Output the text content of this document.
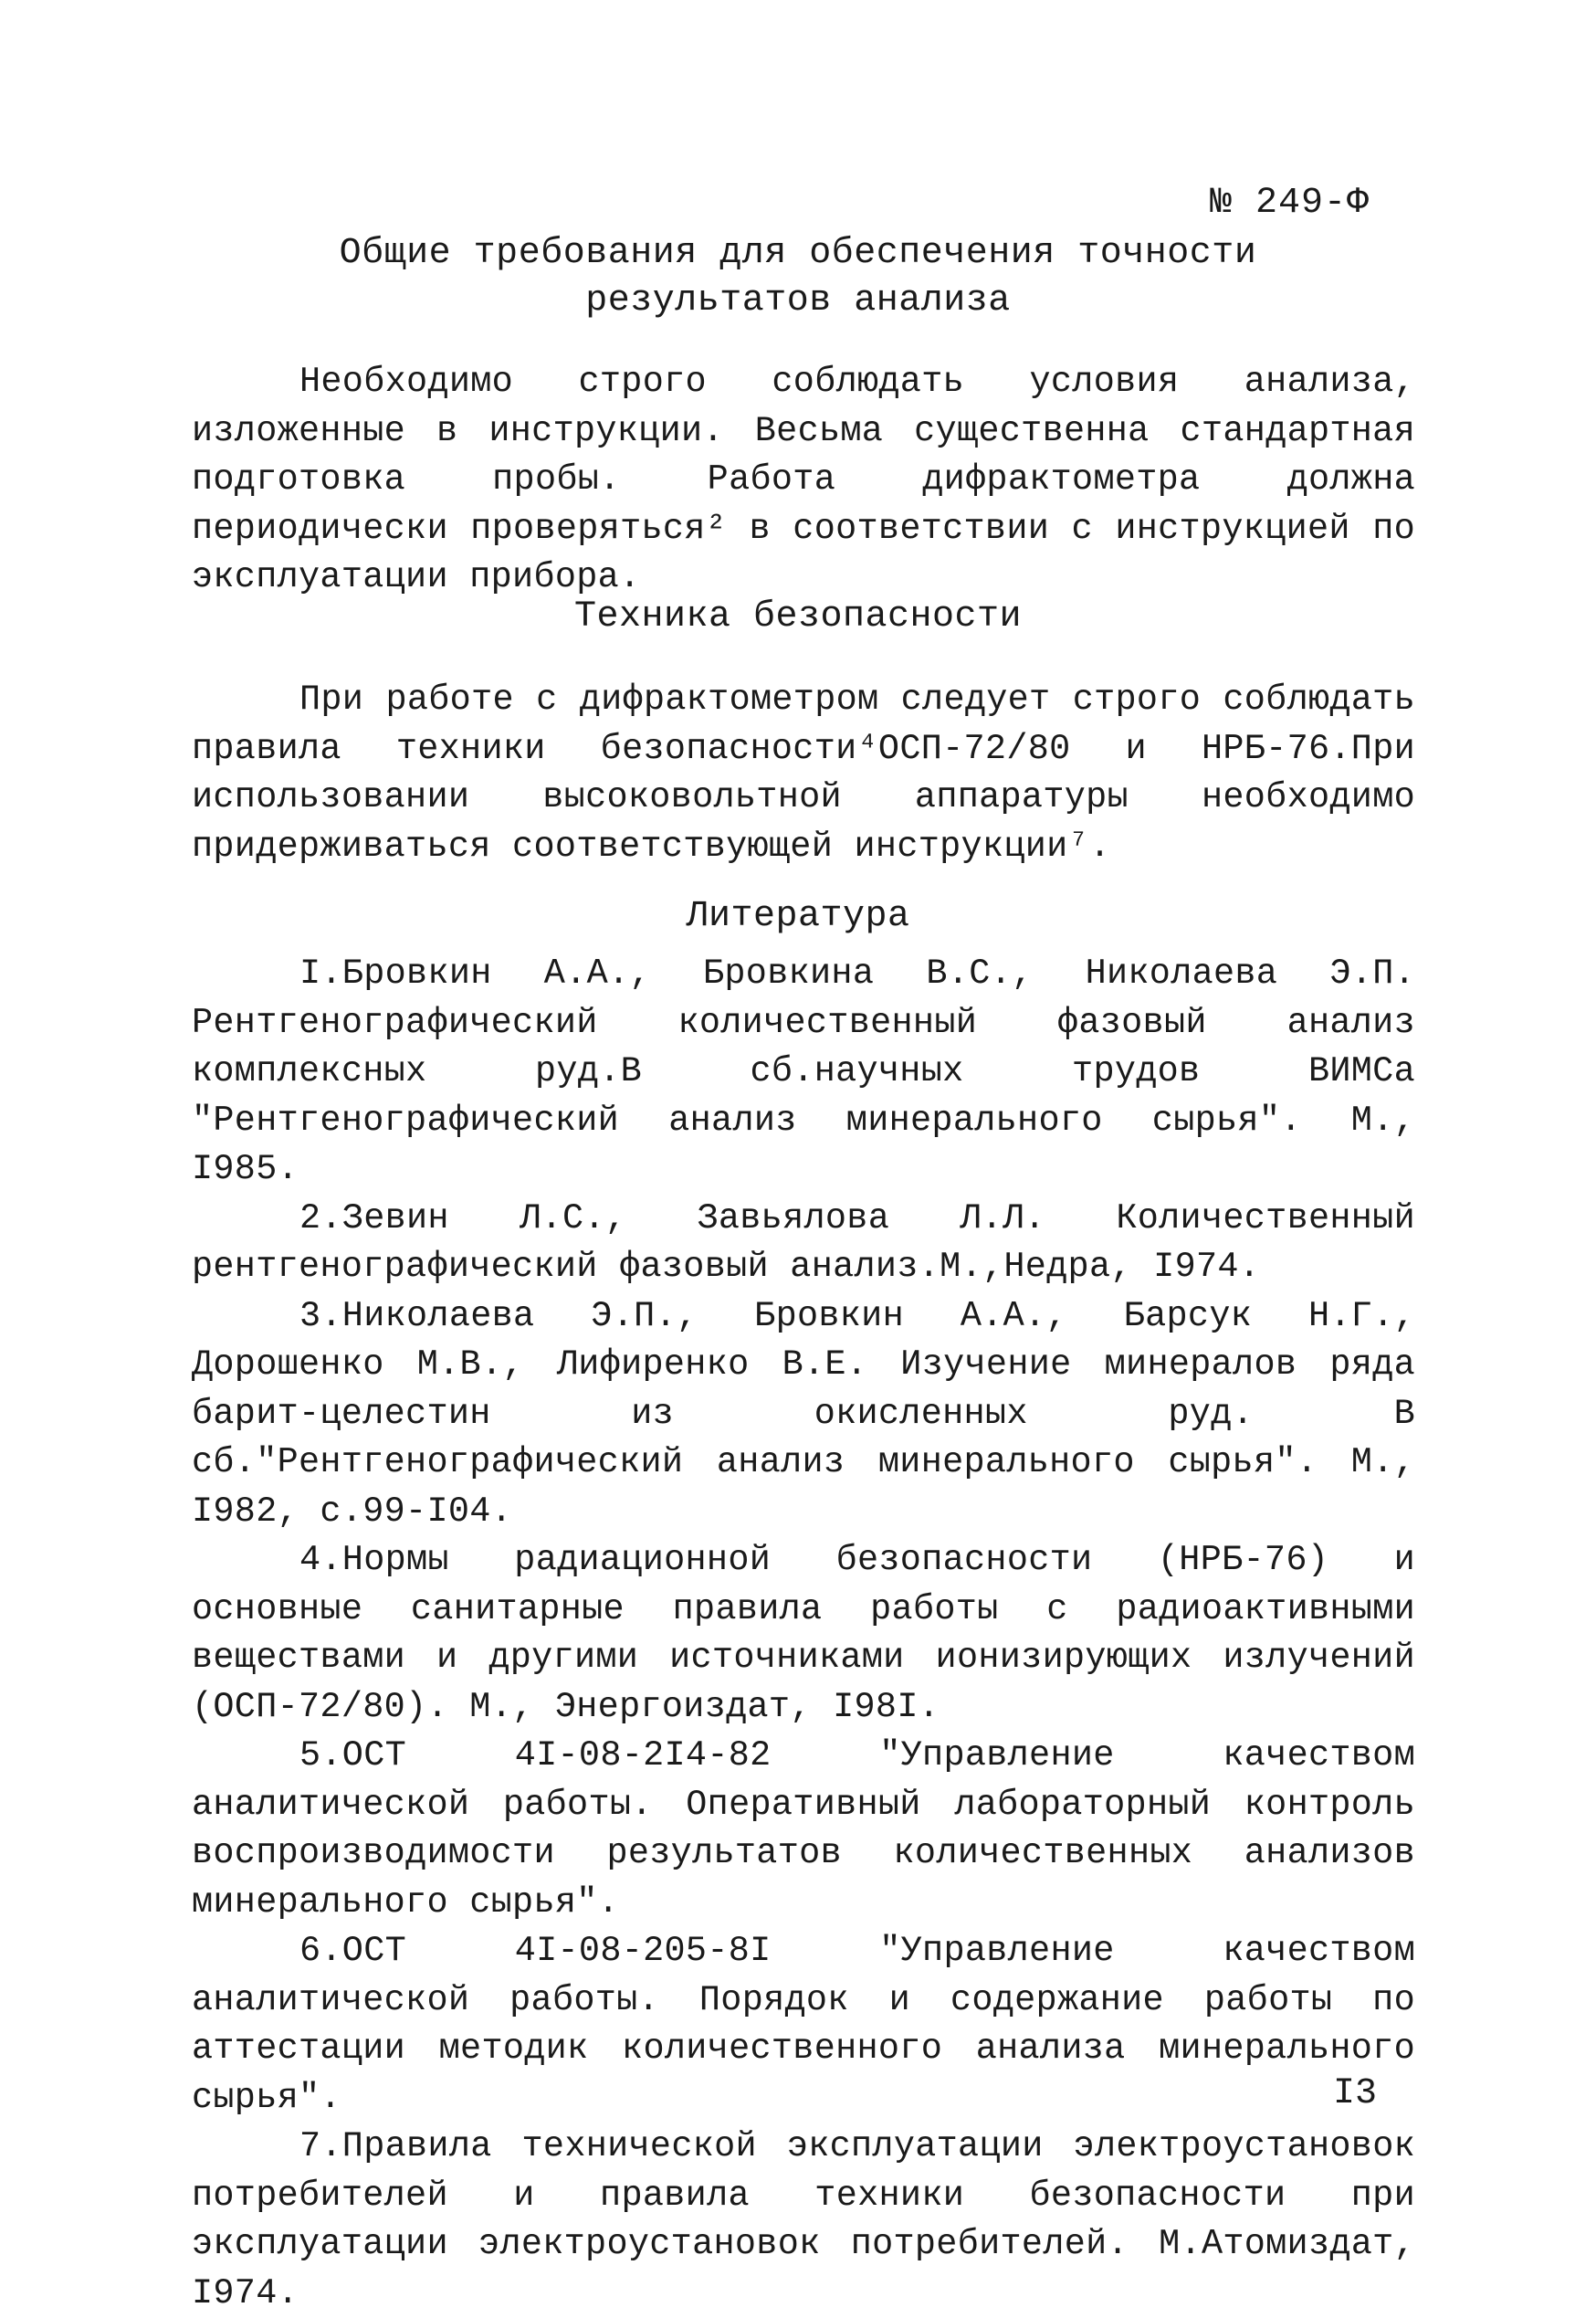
№ 249-Ф
Общие требования для обеспечения точности
результатов анализа

Необходимо строго соблюдать условия анализа, изложенные в инструкции. Весьма существенна стандартная подготовка пробы. Работа дифрактометра должна периодически проверяться² в соответствии с инструкцией по эксплуатации прибора.

Техника безопасности

При работе с дифрактометром следует строго соблюдать правила техники безопасности⁴ОСП-72/80 и НРБ-76.При использовании высоковольтной аппаратуры необходимо придерживаться соответствующей инструкции⁷.

Литература
I.Бровкин А.А., Бровкина В.С., Николаева Э.П. Рентгенографический количественный фазовый анализ комплексных руд.В сб.научных трудов ВИМСа "Рентгенографический анализ минерального сырья". М., I985.
2.Зевин Л.С., Завьялова Л.Л. Количественный рентгенографический фазовый анализ.М.,Недра, I974.
3.Николаева Э.П., Бровкин А.А., Барсук Н.Г., Дорошенко М.В., Лифиренко В.Е. Изучение минералов ряда барит-целестин из окисленных руд. В сб."Рентгенографический анализ минерального сырья". М., I982, с.99-I04.
4.Нормы радиационной безопасности (НРБ-76) и основные санитарные правила работы с радиоактивными веществами и другими источниками ионизирующих излучений (ОСП-72/80). М., Энергоиздат, I98I.
5.ОСТ 4I-08-2I4-82 "Управление качеством аналитической работы. Оперативный лабораторный контроль воспроизводимости результатов количественных анализов минерального сырья".
6.ОСТ 4I-08-205-8I "Управление качеством аналитической работы. Порядок и содержание работы по аттестации методик количественного анализа минерального сырья".
7.Правила технической эксплуатации электроустановок потребителей и правила техники безопасности при эксплуатации электроустановок потребителей. М.Атомиздат, I974.
I3
